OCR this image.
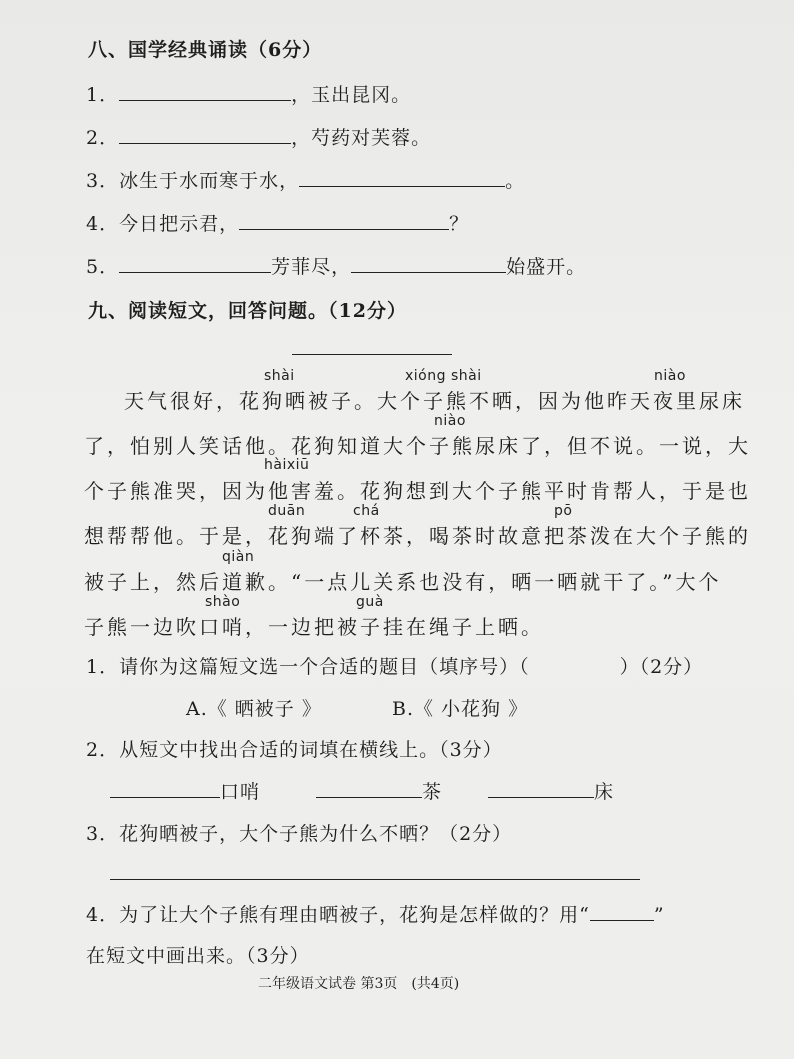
八、国学经典诵读（6分）
1．	，玉出昆冈。
2．	，芍药对芙蓉。
3．冰生于水而寒于水，	。
4．今日把示君，	？
5．	芳菲尽，	始盛开。
九、阅读短文，回答问题。（12分）
shài	xióng shài	niào
niào
hàixiū
duān	chá	pō
qiàn
shào	guà
天气很好，花狗晒被子。大个子熊不晒，因为他昨天夜里尿床
了，怕别人笑话他。花狗知道大个子熊尿床了，但不说。一说，大
个子熊准哭，因为他害羞。花狗想到大个子熊平时肯帮人，于是也
想帮帮他。于是，花狗端了杯茶，喝茶时故意把茶泼在大个子熊的
被子上，然后道歉。“一点儿关系也没有，晒一晒就干了。”大个
子熊一边吹口哨，一边把被子挂在绳子上晒。
1．请你为这篇短文选一个合适的题目（填序号）（	）（2分）
A.《 晒被子 》	B.《 小花狗 》
2．从短文中找出合适的词填在横线上。（3分）
口哨	茶	床
3．花狗晒被子，大个子熊为什么不晒？（2分）
4．为了让大个子熊有理由晒被子，花狗是怎样做的？用“	”
在短文中画出来。（3分）
二年级语文试卷 第3页　(共4页)
